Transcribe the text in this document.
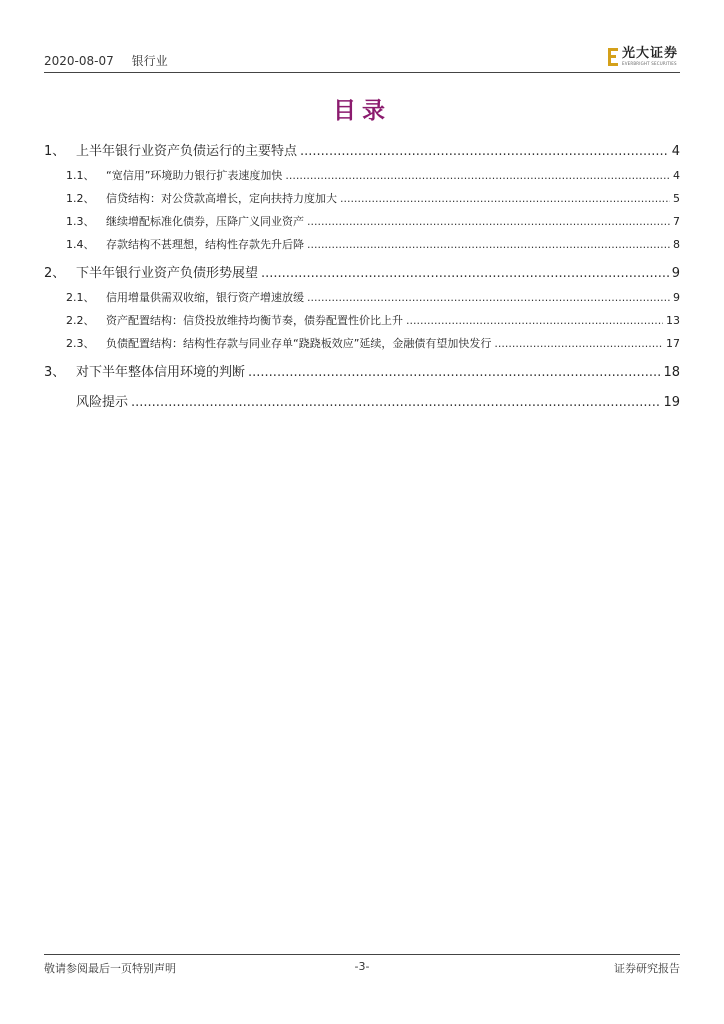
2020-08-07 银行业	光大证券
EVERBRIGHT SECURITIES
目录
1、 上半年银行业资产负债运行的主要特点 .....	4
1.1、	“宽信用”环境助力银行扩表速度加快 .....	4
1.2、	信贷结构：对公贷款高增长，定向扶持力度加大 .....	5
1.3、	继续增配标准化债券，压降广义同业资产 .....	7
1.4、	存款结构不甚理想，结构性存款先升后降 .....	8
2、 下半年银行业资产负债形势展望 .....	9
2.1、	信用增量供需双收缩，银行资产增速放缓 .....	9
2.2、	资产配置结构：信贷投放维持均衡节奏，债券配置性价比上升 .....	13
2.3、	负债配置结构：结构性存款与同业存单“跷跷板效应”延续，金融债有望加快发行 .....	17
3、 对下半年整体信用环境的判断 .....	18
风险提示 .....	19
敬请参阅最后一页特别声明	-3-	证券研究报告
